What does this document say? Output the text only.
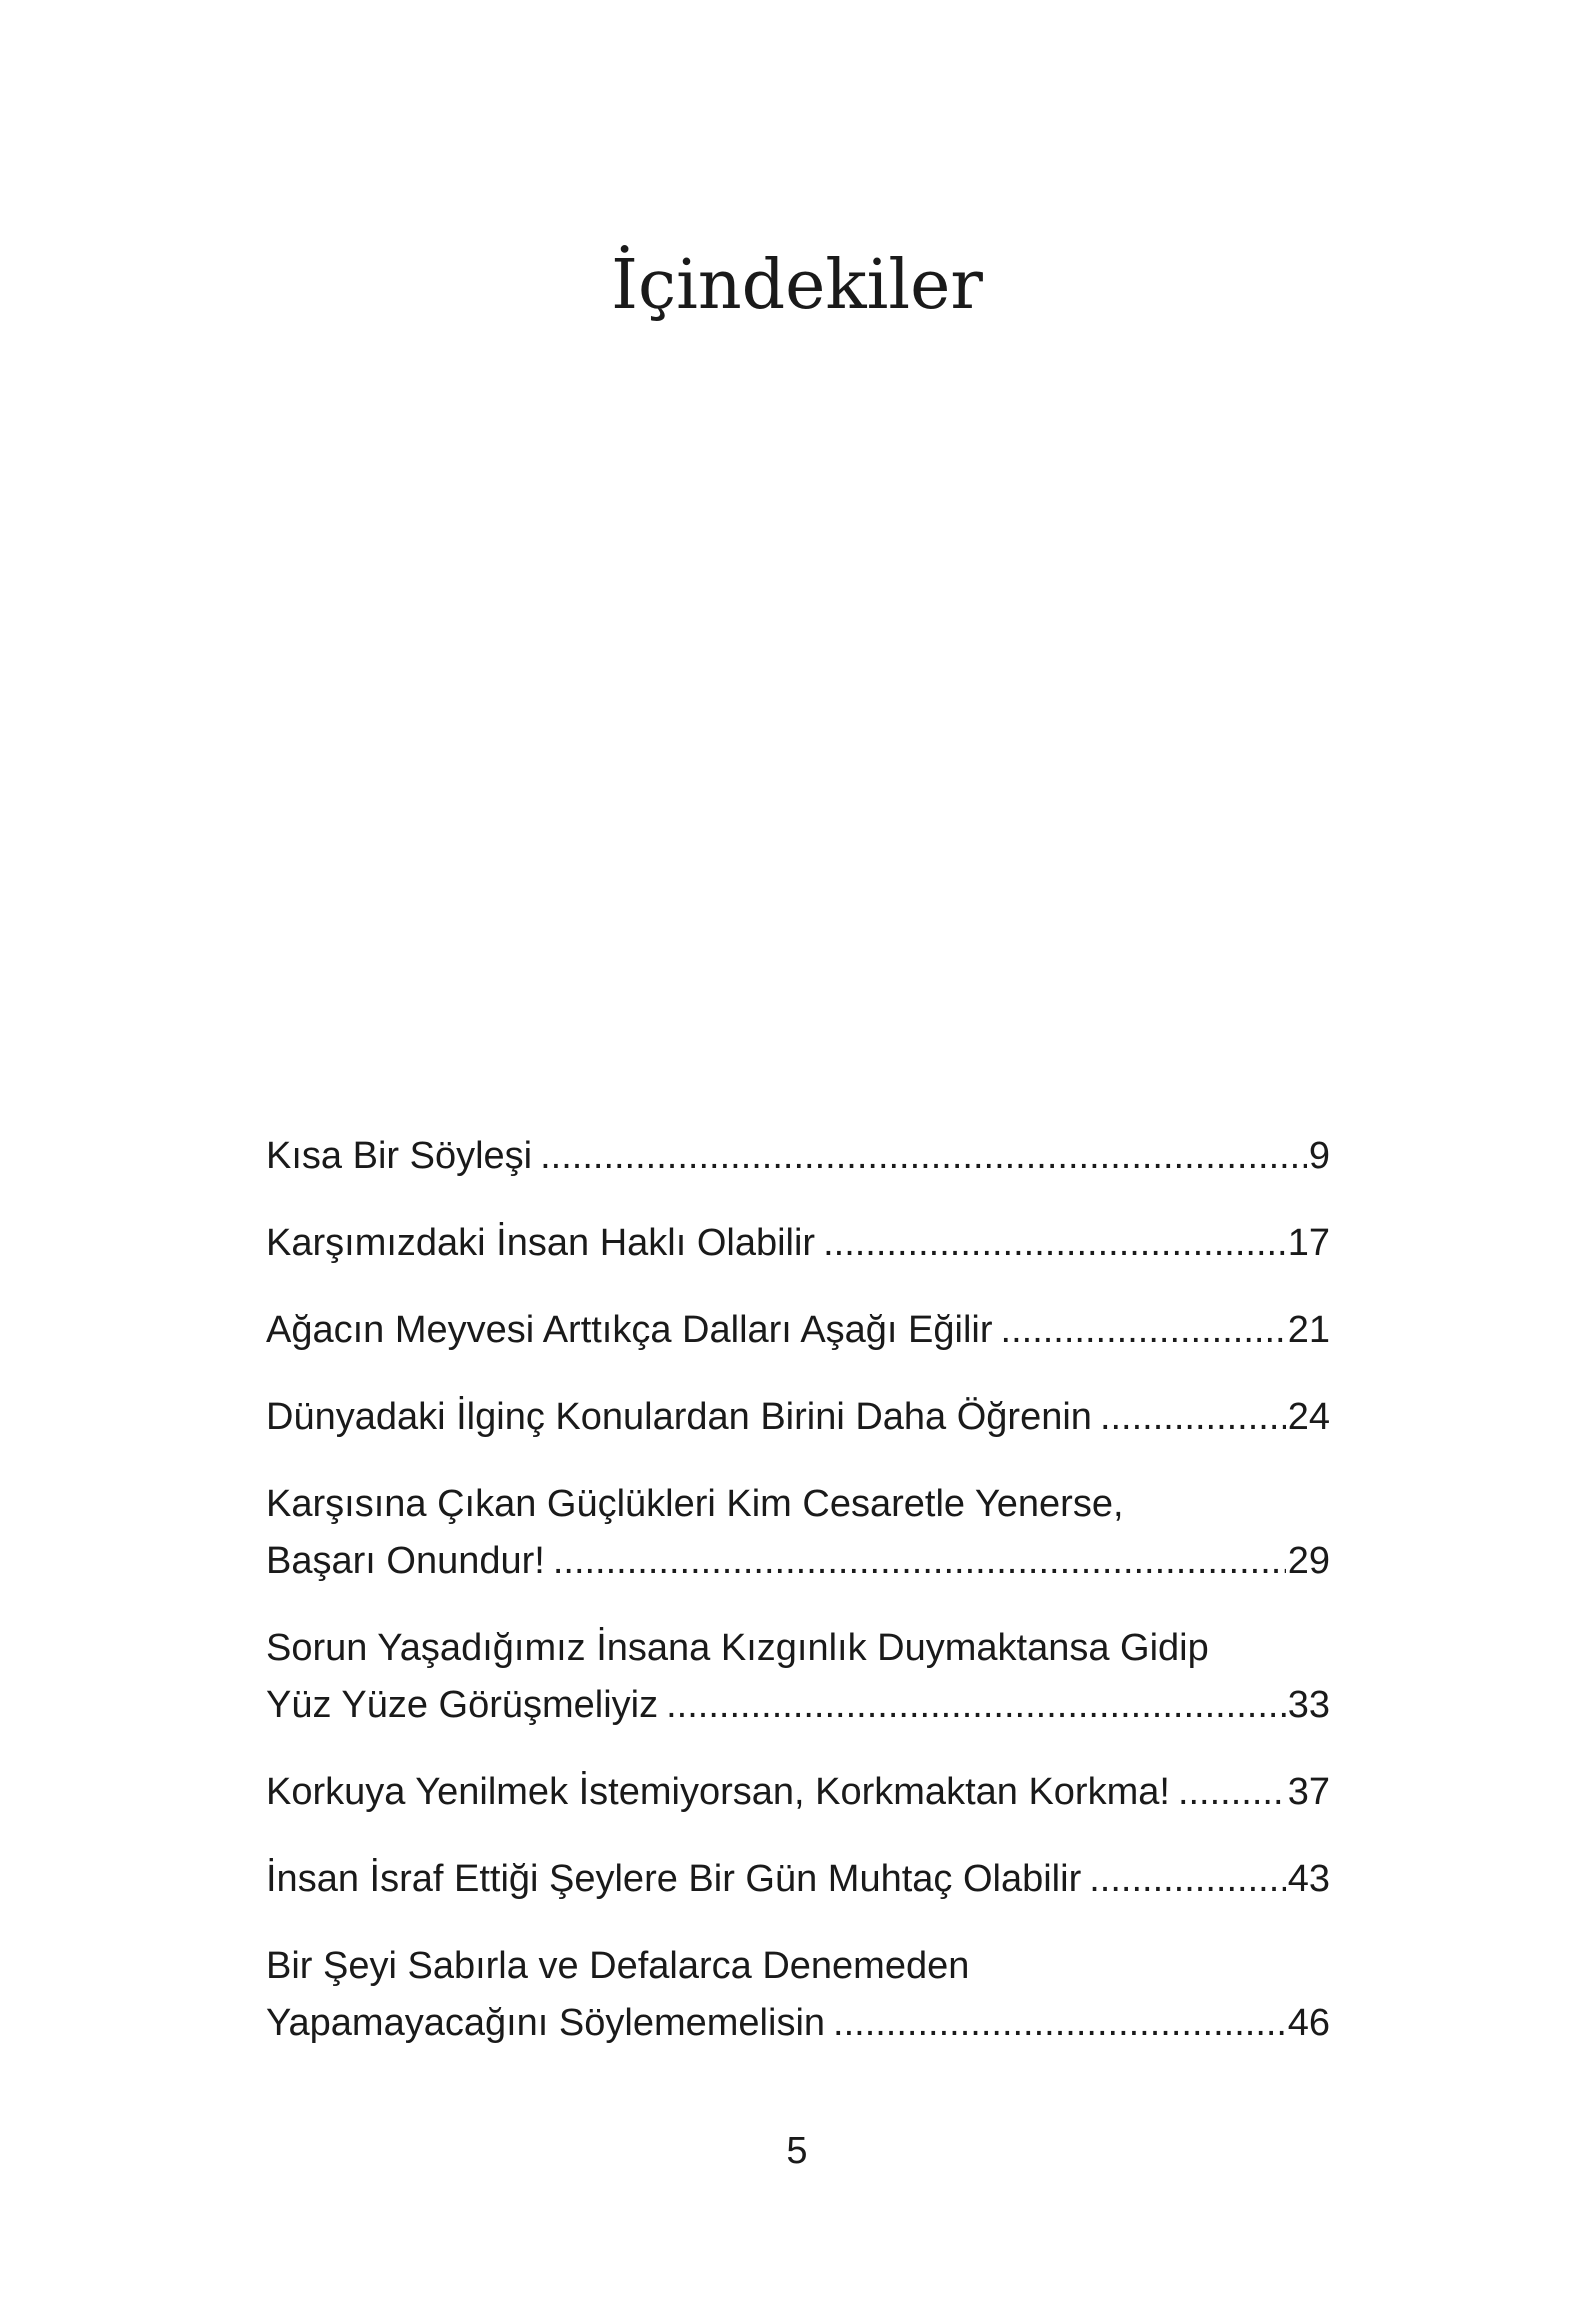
İçindekiler
Kısa Bir Söyleşi .....	9
Karşımızdaki İnsan Haklı Olabilir .....	17
Ağacın Meyvesi Arttıkça Dalları Aşağı Eğilir .....	21
Dünyadaki İlginç Konulardan Birini Daha Öğrenin .....	24
Karşısına Çıkan Güçlükleri Kim Cesaretle Yenerse,
Başarı Onundur! .....	29
Sorun Yaşadığımız İnsana Kızgınlık Duymaktansa Gidip
Yüz Yüze Görüşmeliyiz .....	33
Korkuya Yenilmek İstemiyorsan, Korkmaktan Korkma! .....	37
İnsan İsraf Ettiği Şeylere Bir Gün Muhtaç Olabilir .....	43
Bir Şeyi Sabırla ve Defalarca Denemeden
Yapamayacağını Söylememelisin .....	46
5
